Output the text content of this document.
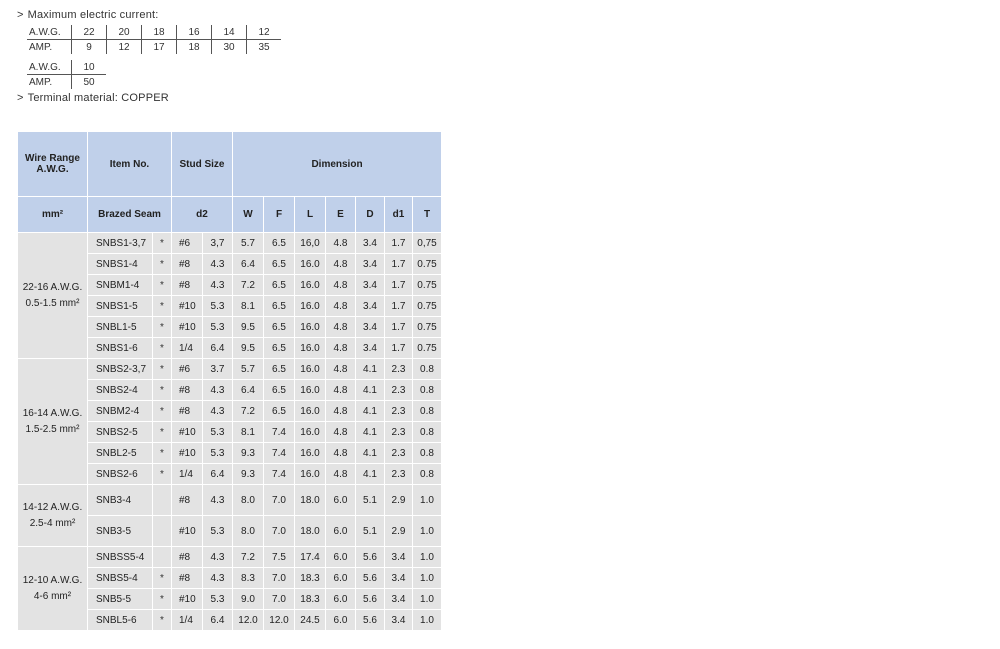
> Maximum electric current:
A.W.G.	22	20	18	16	14	12
AMP.	9	12	17	18	30	35
A.W.G.	10
AMP.	50
> Terminal material: COPPER
Wire Range A.W.G.	Item No.		Stud Size		Dimension						
mm²	Brazed Seam		d2		W	F	L	E	D	d1	T

22-16 A.W.G.
0.5-1.5 mm²	SNBS1-3,7	*	#6	3,7	5.7	6.5	16,0	4.8	3.4	1.7	0,75
	SNBS1-4	*	#8	4.3	6.4	6.5	16.0	4.8	3.4	1.7	0.75
	SNBM1-4	*	#8	4.3	7.2	6.5	16.0	4.8	3.4	1.7	0.75
	SNBS1-5	*	#10	5.3	8.1	6.5	16.0	4.8	3.4	1.7	0.75
	SNBL1-5	*	#10	5.3	9.5	6.5	16.0	4.8	3.4	1.7	0.75
	SNBS1-6	*	1/4	6.4	9.5	6.5	16.0	4.8	3.4	1.7	0.75

16-14 A.W.G.
1.5-2.5 mm²	SNBS2-3,7	*	#6	3.7	5.7	6.5	16.0	4.8	4.1	2.3	0.8
	SNBS2-4	*	#8	4.3	6.4	6.5	16.0	4.8	4.1	2.3	0.8
	SNBM2-4	*	#8	4.3	7.2	6.5	16.0	4.8	4.1	2.3	0.8
	SNBS2-5	*	#10	5.3	8.1	7.4	16.0	4.8	4.1	2.3	0.8
	SNBL2-5	*	#10	5.3	9.3	7.4	16.0	4.8	4.1	2.3	0.8
	SNBS2-6	*	1/4	6.4	9.3	7.4	16.0	4.8	4.1	2.3	0.8

14-12 A.W.G.
2.5-4 mm²	SNB3-4		#8	4.3	8.0	7.0	18.0	6.0	5.1	2.9	1.0
	SNB3-5		#10	5.3	8.0	7.0	18.0	6.0	5.1	2.9	1.0

12-10 A.W.G.
4-6 mm²	SNBSS5-4		#8	4.3	7.2	7.5	17.4	6.0	5.6	3.4	1.0
	SNBS5-4	*	#8	4.3	8.3	7.0	18.3	6.0	5.6	3.4	1.0
	SNB5-5	*	#10	5.3	9.0	7.0	18.3	6.0	5.6	3.4	1.0
	SNBL5-6	*	1/4	6.4	12.0	12.0	24.5	6.0	5.6	3.4	1.0
